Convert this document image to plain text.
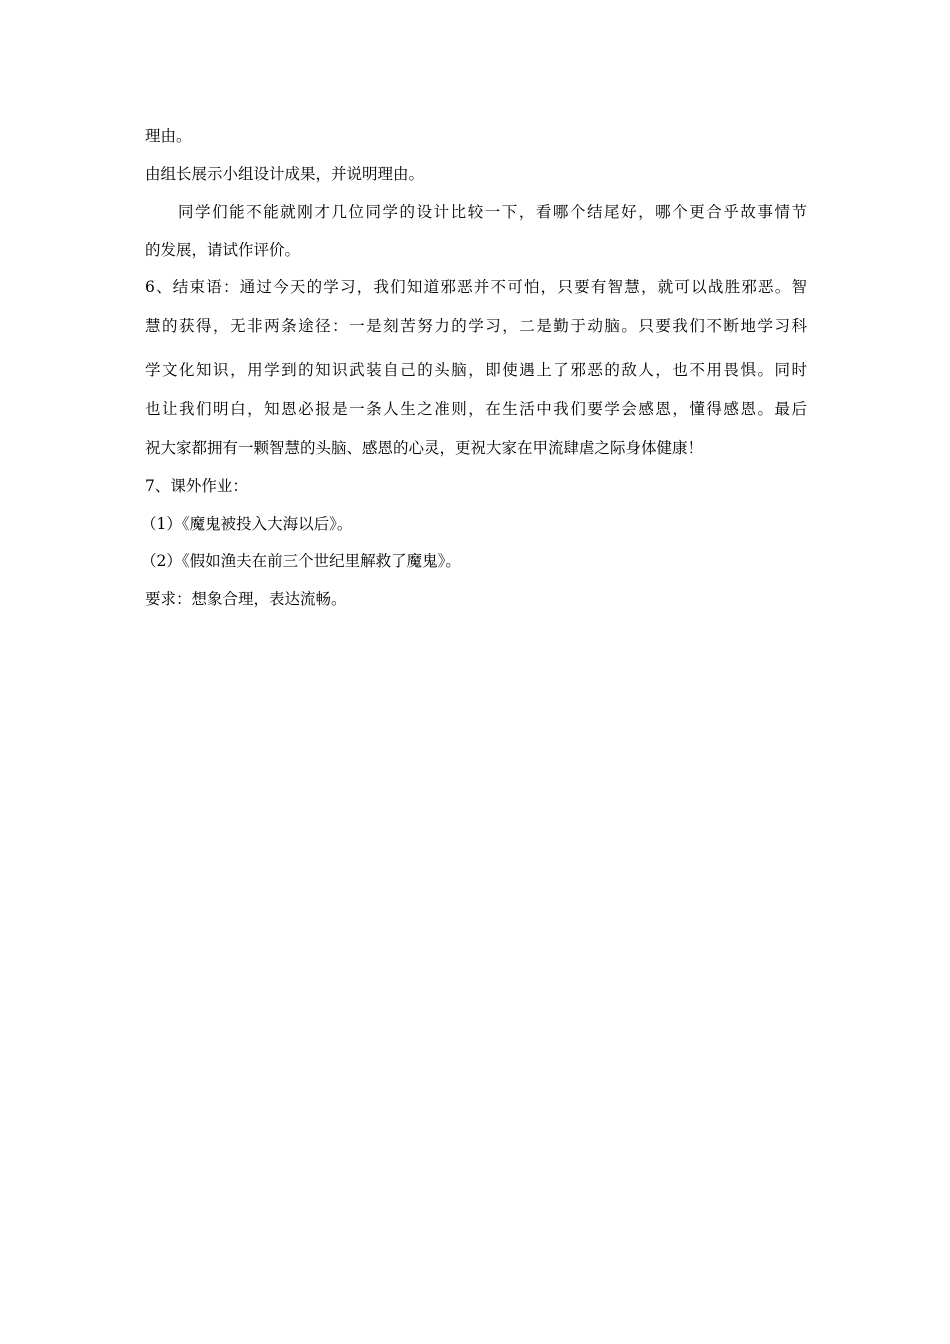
理由。
由组长展示小组设计成果，并说明理由。
同学们能不能就刚才几位同学的设计比较一下，看哪个结尾好，哪个更合乎故事情节
的发展，请试作评价。
6、结束语：通过今天的学习，我们知道邪恶并不可怕，只要有智慧，就可以战胜邪恶。智
慧的获得，无非两条途径：一是刻苦努力的学习，二是勤于动脑。只要我们不断地学习科
学文化知识，用学到的知识武装自己的头脑，即使遇上了邪恶的敌人，也不用畏惧。同时
也让我们明白，知恩必报是一条人生之准则，在生活中我们要学会感恩，懂得感恩。最后
祝大家都拥有一颗智慧的头脑、感恩的心灵，更祝大家在甲流肆虐之际身体健康！
7、课外作业：
（1）《魔鬼被投入大海以后》。
（2）《假如渔夫在前三个世纪里解救了魔鬼》。
要求：想象合理，表达流畅。
